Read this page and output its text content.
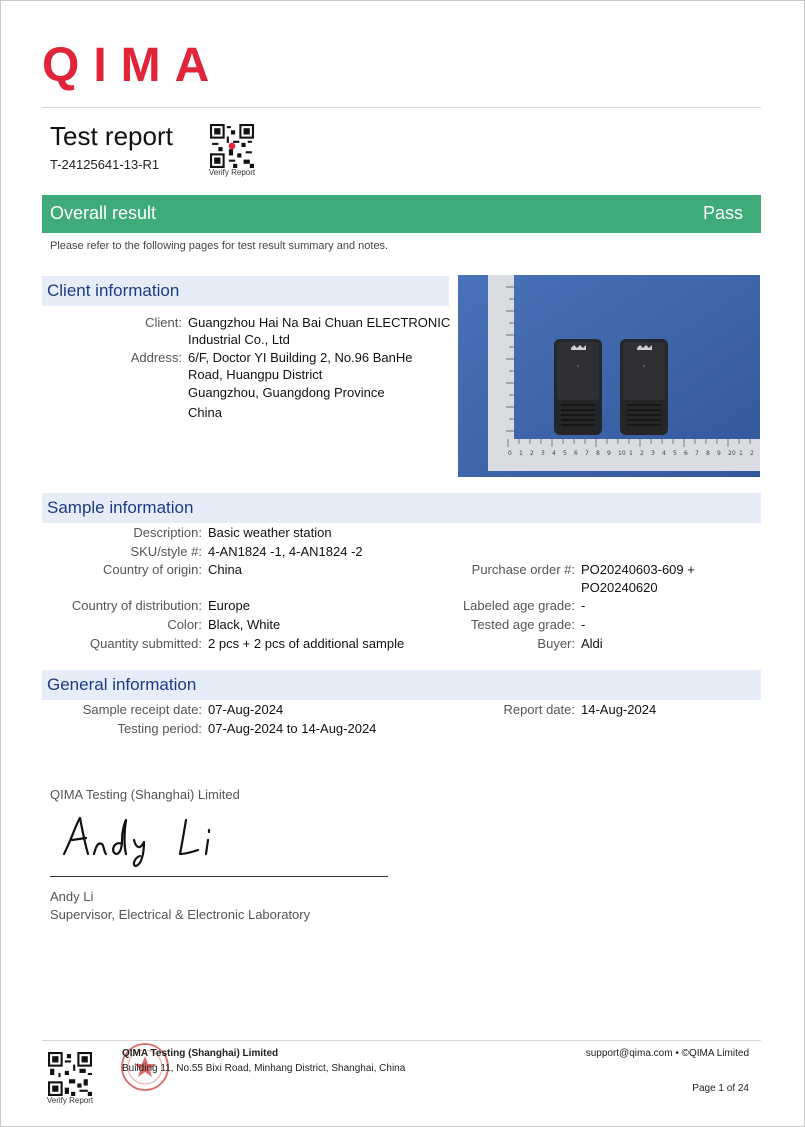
QIMA
Test report
T-24125641-13-R1
Verify Report
Overall result	Pass
Please refer to the following pages for test result summary and notes.
Client information
Client: Guangzhou Hai Na Bai Chuan ELECTRONIC
Industrial Co., Ltd
Address: 6/F, Doctor YI Building 2, No.96 BanHe
Road, Huangpu District
Guangzhou, Guangdong Province
China
0 1 2 3 4 5 6 7 8 9 10 1 2 3 4 5 6 7 8 9 20 1 2
Sample information
Description: Basic weather station
SKU/style #: 4-AN1824 -1, 4-AN1824 -2
Country of origin: China	Purchase order #: PO20240603-609 +
PO20240620
Country of distribution: Europe	Labeled age grade: -
Color: Black, White	Tested age grade: -
Quantity submitted: 2 pcs + 2 pcs of additional sample	Buyer: Aldi
General information
Sample receipt date: 07-Aug-2024	Report date: 14-Aug-2024
Testing period: 07-Aug-2024 to 14-Aug-2024
QIMA Testing (Shanghai) Limited
Andy Li
Supervisor, Electrical & Electronic Laboratory
Verify Report
QIMA Testing (Shanghai) Limited
Building 11, No.55 Bixi Road, Minhang District, Shanghai, China
support@qima.com • ©QIMA Limited
Page 1 of 24
